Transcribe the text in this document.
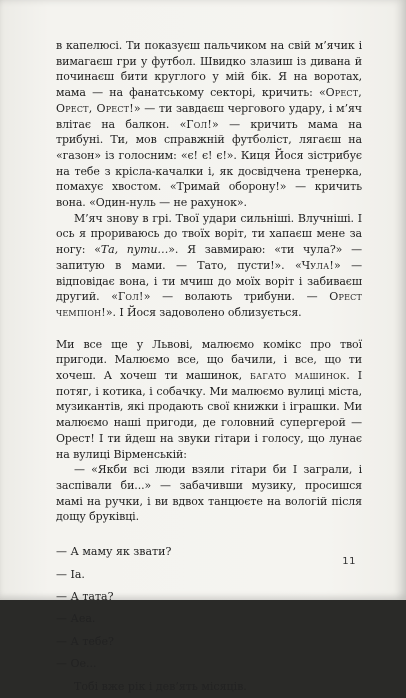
в капелюсі. Ти показуєш пальчиком на свій м’ячик і вимагаєш гри у футбол. Швидко злазиш із дивана й починаєш бити круглого у мій бік. Я на воротах, мама — на фанатському секторі, кричить: «Орест, Орест, Орест!» — ти завдаєш чергового удару, і м’яч влітає на балкон. «Гол!» — кричить мама на трибуні. Ти, мов справжній футболіст, лягаєш на «газон» із голосним: «є! є! є!». Киця Йося зістрибує на тебе з крісла-качалки і, як досвідчена тренерка, помахує хвостом. «Тримай оборону!» — кричить вона. «Один-нуль — не рахунок».

М’яч знову в грі. Твої удари сильніші. Влучніші. І ось я прориваюсь до твоїх воріт, ти хапаєш мене за ногу: «Та, пути…». Я завмираю: «ти чула?» — запитую в мами. — Тато, пусти!». «Чула!» — відповідає вона, і ти мчиш до моїх воріт і забиваєш другий. «Гол!» — волають трибуни. — Орест чемпіон!». І Йося задоволено облизується.

Ми все ще у Львові, малюємо комікс про твої пригоди. Малюємо все, що бачили, і все, що ти хочеш. А хочеш ти машинок, багато машинок. І потяг, і котика, і собачку. Ми малюємо вулиці міста, музикантів, які продають свої книжки і іграшки. Ми малюємо наші пригоди, де головний супергерой — Орест! І ти йдеш на звуки гітари і голосу, що лунає на вулиці Вірменській:

— «Якби всі люди взяли гітари би І заграли, і заспівали би...» — забачивши музику, просишся мамі на ручки, і ви вдвох танцюєте на вологій після дощу бруківці.

— А маму як звати?

— Іа.

— А тата?

— Аеа.

— А тебе?

— Ое...

Тобі вже рік і дев’ять місяців.

11
